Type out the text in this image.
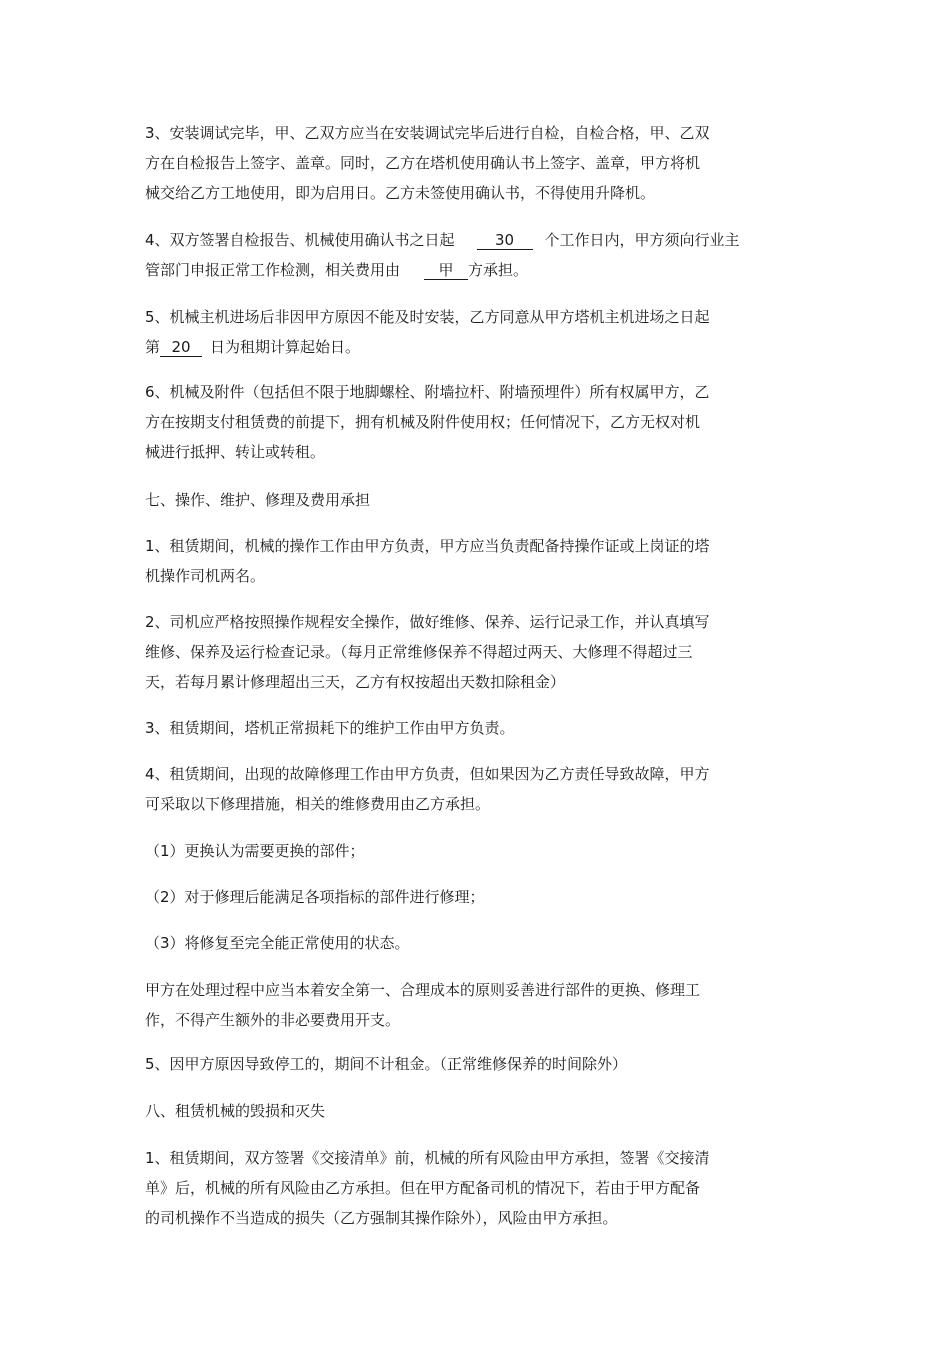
3、安装调试完毕，甲、乙双方应当在安装调试完毕后进行自检，自检合格，甲、乙双
方在自检报告上签字、盖章。同时，乙方在塔机使用确认书上签字、盖章，甲方将机
械交给乙方工地使用，即为启用日。乙方未签使用确认书，不得使用升降机。
4、双方签署自检报告、机械使用确认书之日起	30 个工作日内，甲方须向行业主
管部门申报正常工作检测，相关费用由	甲 方承担。
5、机械主机进场后非因甲方原因不能及时安装，乙方同意从甲方塔机主机进场之日起
第 20 日为租期计算起始日。
6、机械及附件（包括但不限于地脚螺栓、附墙拉杆、附墙预埋件）所有权属甲方，乙
方在按期支付租赁费的前提下，拥有机械及附件使用权；任何情况下，乙方无权对机
械进行抵押、转让或转租。
七、操作、维护、修理及费用承担
1、租赁期间，机械的操作工作由甲方负责，甲方应当负责配备持操作证或上岗证的塔
机操作司机两名。
2、司机应严格按照操作规程安全操作，做好维修、保养、运行记录工作，并认真填写
维修、保养及运行检查记录。（每月正常维修保养不得超过两天、大修理不得超过三
天，若每月累计修理超出三天，乙方有权按超出天数扣除租金）
3、租赁期间，塔机正常损耗下的维护工作由甲方负责。
4、租赁期间，出现的故障修理工作由甲方负责，但如果因为乙方责任导致故障，甲方
可采取以下修理措施，相关的维修费用由乙方承担。
（1）更换认为需要更换的部件；
（2）对于修理后能满足各项指标的部件进行修理；
（3）将修复至完全能正常使用的状态。
甲方在处理过程中应当本着安全第一、合理成本的原则妥善进行部件的更换、修理工
作，不得产生额外的非必要费用开支。
5、因甲方原因导致停工的，期间不计租金。（正常维修保养的时间除外）
八、租赁机械的毁损和灭失
1、租赁期间，双方签署《交接清单》前，机械的所有风险由甲方承担，签署《交接清
单》后，机械的所有风险由乙方承担。但在甲方配备司机的情况下，若由于甲方配备
的司机操作不当造成的损失（乙方强制其操作除外），风险由甲方承担。
